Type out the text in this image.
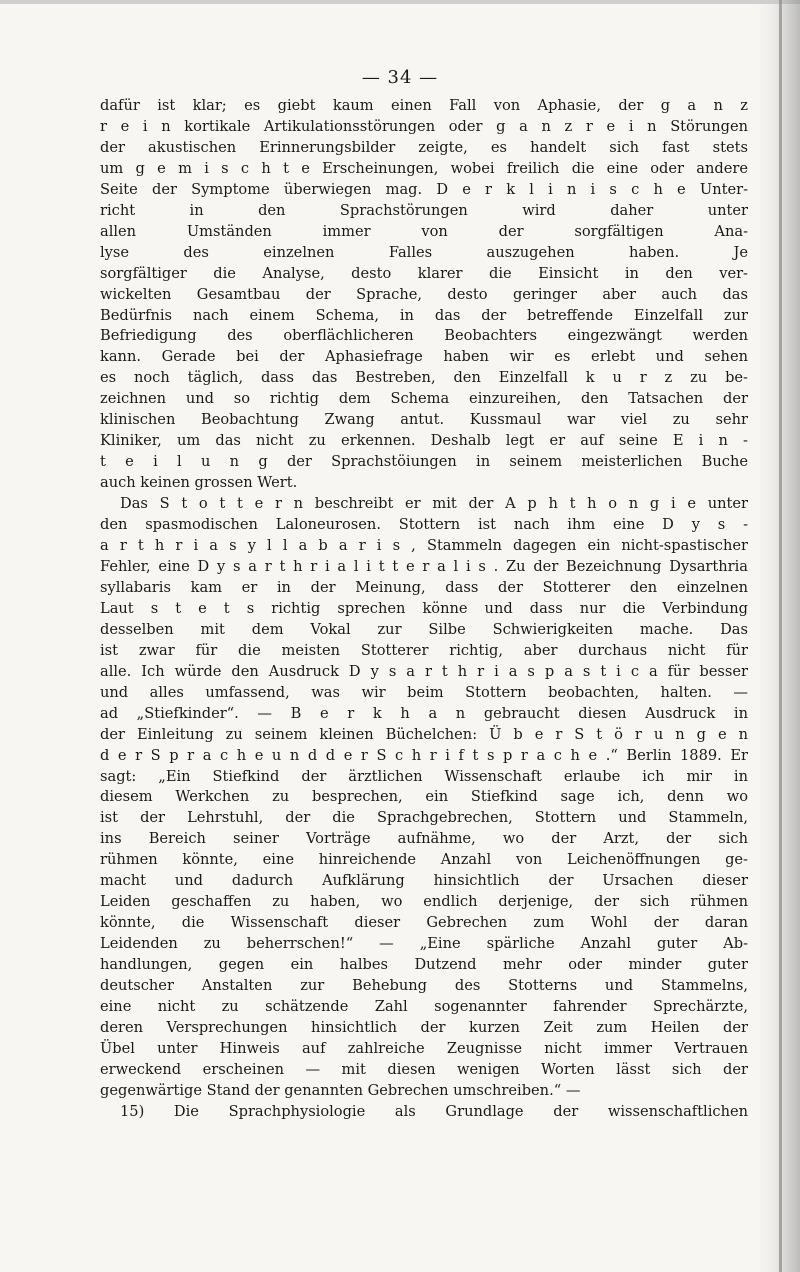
— 34 —
dafür ist klar; es giebt kaum einen Fall von Aphasie, der g a n z
r e i n kortikale Artikulationsstörungen oder g a n z r e i n Störungen
der akustischen Erinnerungsbilder zeigte, es handelt sich fast stets
um g e m i s c h t e Erscheinungen, wobei freilich die eine oder andere
Seite der Symptome überwiegen mag. D e r k l i n i s c h e Unter-
richt in den Sprachstörungen wird daher unter
allen Umständen immer von der sorgfältigen Ana-
lyse des einzelnen Falles auszugehen haben. Je
sorgfältiger die Analyse, desto klarer die Einsicht in den ver-
wickelten Gesamtbau der Sprache, desto geringer aber auch das
Bedürfnis nach einem Schema, in das der betreffende Einzelfall zur
Befriedigung des oberflächlicheren Beobachters eingezwängt werden
kann. Gerade bei der Aphasiefrage haben wir es erlebt und sehen
es noch täglich, dass das Bestreben, den Einzelfall k u r z zu be-
zeichnen und so richtig dem Schema einzureihen, den Tatsachen der
klinischen Beobachtung Zwang antut. Kussmaul war viel zu sehr
Kliniker, um das nicht zu erkennen. Deshalb legt er auf seine E i n -
t e i l u n g der Sprachstöiungen in seinem meisterlichen Buche
auch keinen grossen Wert.
Das S t o t t e r n beschreibt er mit der A p h t h o n g i e unter
den spasmodischen Laloneurosen. Stottern ist nach ihm eine D y s -
a r t h r i a s y l l a b a r i s , Stammeln dagegen ein nicht-spastischer
Fehler, eine D y s a r t h r i a l i t t e r a l i s . Zu der Bezeichnung Dysarthria
syllabaris kam er in der Meinung, dass der Stotterer den einzelnen
Laut s t e t s richtig sprechen könne und dass nur die Verbindung
desselben mit dem Vokal zur Silbe Schwierigkeiten mache. Das
ist zwar für die meisten Stotterer richtig, aber durchaus nicht für
alle. Ich würde den Ausdruck D y s a r t h r i a s p a s t i c a für besser
und alles umfassend, was wir beim Stottern beobachten, halten. —
ad „Stiefkinder“. — B e r k h a n gebraucht diesen Ausdruck in
der Einleitung zu seinem kleinen Büchelchen: Ü b e r S t ö r u n g e n
d e r S p r a c h e u n d d e r S c h r i f t s p r a c h e .“ Berlin 1889. Er
sagt: „Ein Stiefkind der ärztlichen Wissenschaft erlaube ich mir in
diesem Werkchen zu besprechen, ein Stiefkind sage ich, denn wo
ist der Lehrstuhl, der die Sprachgebrechen, Stottern und Stammeln,
ins Bereich seiner Vorträge aufnähme, wo der Arzt, der sich
rühmen könnte, eine hinreichende Anzahl von Leichenöffnungen ge-
macht und dadurch Aufklärung hinsichtlich der Ursachen dieser
Leiden geschaffen zu haben, wo endlich derjenige, der sich rühmen
könnte, die Wissenschaft dieser Gebrechen zum Wohl der daran
Leidenden zu beherrschen!“ — „Eine spärliche Anzahl guter Ab-
handlungen, gegen ein halbes Dutzend mehr oder minder guter
deutscher Anstalten zur Behebung des Stotterns und Stammelns,
eine nicht zu schätzende Zahl sogenannter fahrender Sprechärzte,
deren Versprechungen hinsichtlich der kurzen Zeit zum Heilen der
Übel unter Hinweis auf zahlreiche Zeugnisse nicht immer Vertrauen
erweckend erscheinen — mit diesen wenigen Worten lässt sich der
gegenwärtige Stand der genannten Gebrechen umschreiben.“ —
15) Die Sprachphysiologie als Grundlage der wissenschaftlichen
